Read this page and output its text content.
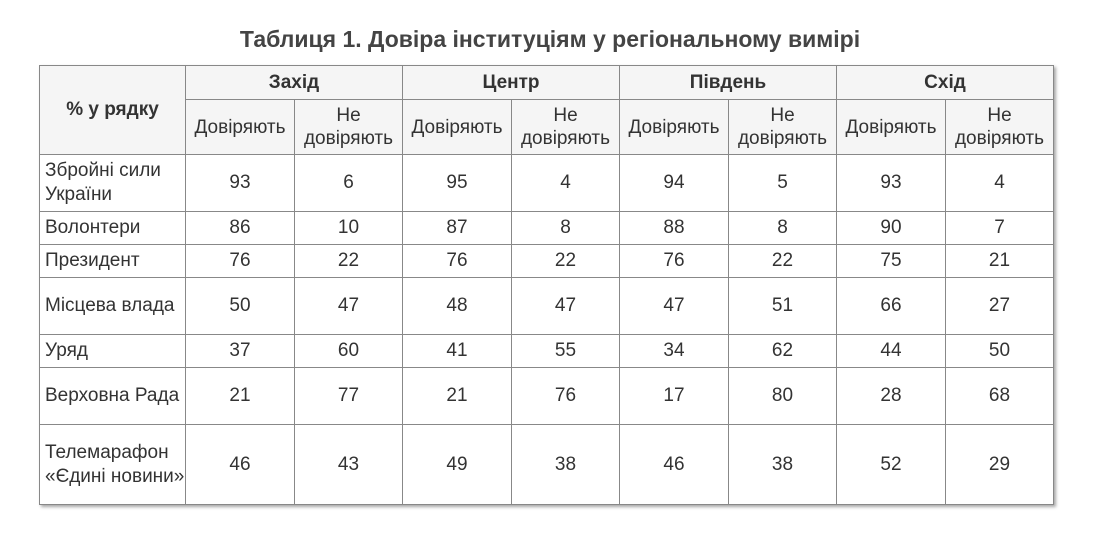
Таблиця 1. Довіра інституціям у регіональному вимірі
% у рядку	Захід		Центр		Південь		Схід	
	Довіряють	Не довіряють	Довіряють	Не довіряють	Довіряють	Не довіряють	Довіряють	Не довіряють
Збройні сили України	93	6	95	4	94	5	93	4
Волонтери	86	10	87	8	88	8	90	7
Президент	76	22	76	22	76	22	75	21
Місцева влада	50	47	48	47	47	51	66	27
Уряд	37	60	41	55	34	62	44	50
Верховна Рада	21	77	21	76	17	80	28	68
Телемарафон «Єдині новини»	46	43	49	38	46	38	52	29
